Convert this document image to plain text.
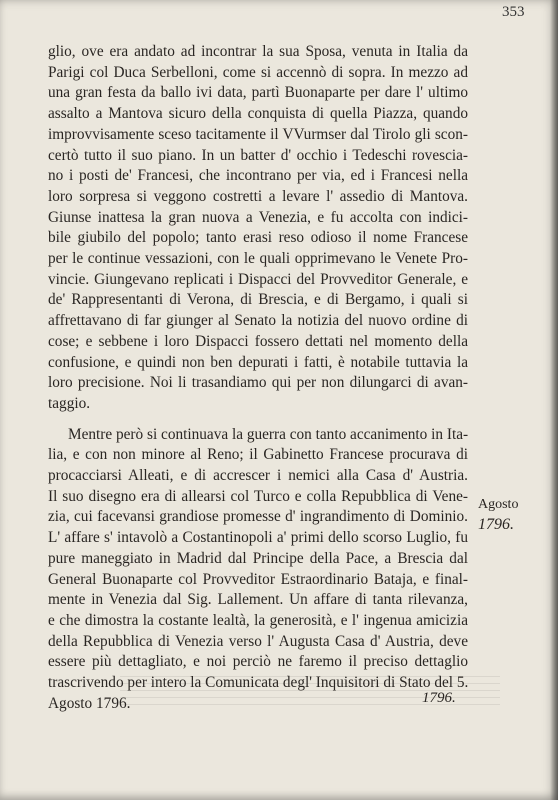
353
glio, ove era andato ad incontrar la sua Sposa, venuta in Italia da
Parigi col Duca Serbelloni, come si accennò di sopra. In mezzo ad
una gran festa da ballo ivi data, partì Buonaparte per dare l' ultimo
assalto a Mantova sicuro della conquista di quella Piazza, quando
improvvisamente sceso tacitamente il VVurmser dal Tirolo gli scon-
certò tutto il suo piano. In un batter d' occhio i Tedeschi rovescia-
no i posti de' Francesi, che incontrano per via, ed i Francesi nella
loro sorpresa si veggono costretti a levare l' assedio di Mantova.
Giunse inattesa la gran nuova a Venezia, e fu accolta con indici-
bile giubilo del popolo; tanto erasi reso odioso il nome Francese
per le continue vessazioni, con le quali opprimevano le Venete Pro-
vincie. Giungevano replicati i Dispacci del Provveditor Generale, e
de' Rappresentanti di Verona, di Brescia, e di Bergamo, i quali si
affrettavano di far giunger al Senato la notizia del nuovo ordine di
cose; e sebbene i loro Dispacci fossero dettati nel momento della
confusione, e quindi non ben depurati i fatti, è notabile tuttavia la
loro precisione. Noi li trasandiamo qui per non dilungarci di avan-
taggio.
Mentre però si continuava la guerra con tanto accanimento in Ita-
lia, e con non minore al Reno; il Gabinetto Francese procurava di
procacciarsi Alleati, e di accrescer i nemici alla Casa d' Austria.
Il suo disegno era di allearsi col Turco e colla Repubblica di Vene-
zia, cui facevansi grandiose promesse d' ingrandimento di Dominio.
L' affare s' intavolò a Costantinopoli a' primi dello scorso Luglio, fu
pure maneggiato in Madrid dal Principe della Pace, a Brescia dal
General Buonaparte col Provveditor Estraordinario Bataja, e final-
mente in Venezia dal Sig. Lallement. Un affare di tanta rilevanza,
e che dimostra la costante lealtà, la generosità, e l' ingenua amicizia
della Repubblica di Venezia verso l' Augusta Casa d' Austria, deve
essere più dettagliato, e noi perciò ne faremo il preciso dettaglio
trascrivendo per intero la Comunicata degl' Inquisitori di Stato del 5.
Agosto 1796.
Agosto
1796.
1796.
